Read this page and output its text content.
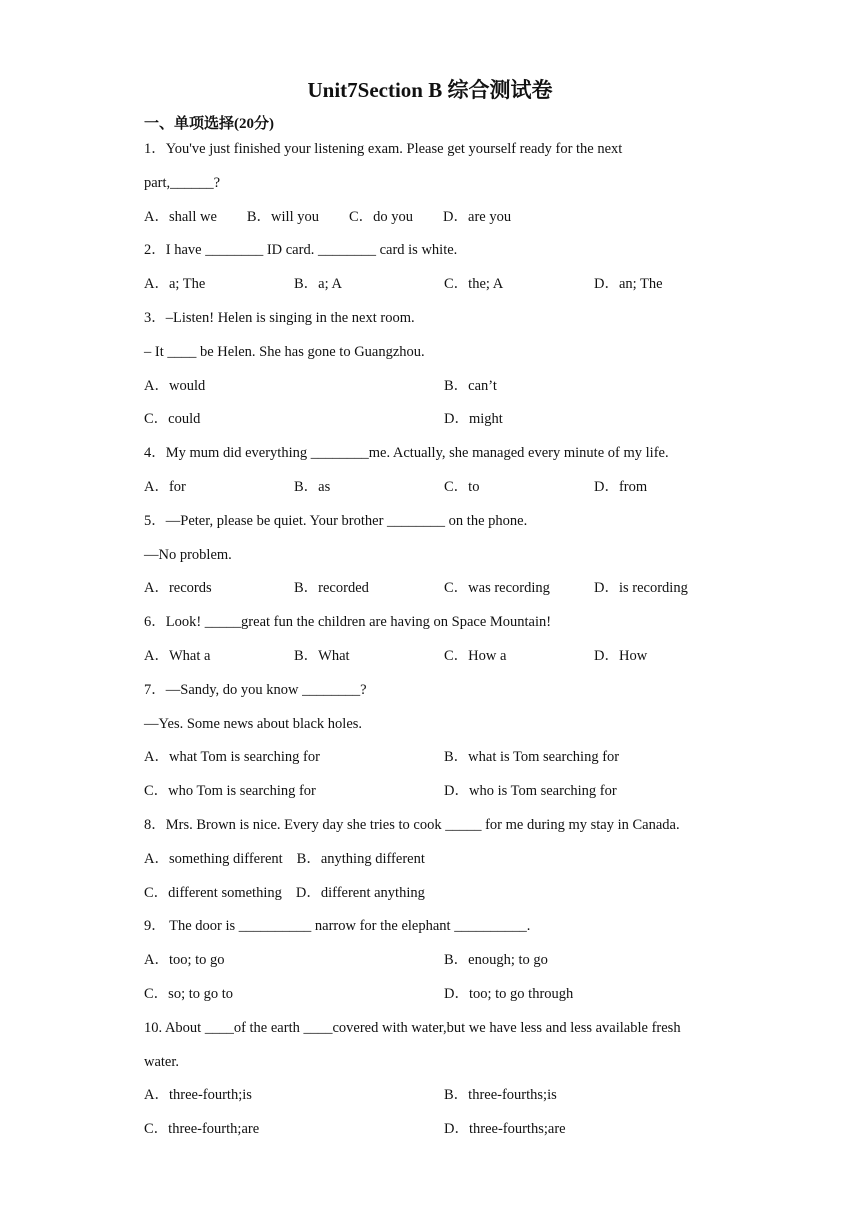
Unit7Section B 综合测试卷
一、单项选择(20分)
1．You've just finished your listening exam. Please get yourself ready for the next
part,______?
A．shall we B．will you C．do you D．are you
2．I have ________ ID card. ________ card is white.
A．a; The	B．a; A	C．the; A	D．an; The
3．–Listen! Helen is singing in the next room.
– It ____ be Helen. She has gone to Guangzhou.
A．would	B．can’t
C．could	D．might
4．My mum did everything ________me. Actually, she managed every minute of my life.
A．for	B．as	C．to	D．from
5．—Peter, please be quiet. Your brother ________ on the phone.
—No problem.
A．records	B．recorded	C．was recording	D．is recording
6．Look! _____great fun the children are having on Space Mountain!
A．What a	B．What	C．How a	D．How
7．—Sandy, do you know ________?
—Yes. Some news about black holes.
A．what Tom is searching for	B．what is Tom searching for
C．who Tom is searching for	D．who is Tom searching for
8．Mrs. Brown is nice. Every day she tries to cook _____ for me during my stay in Canada.
A．something different B．anything different
C．different something D．different anything
9． The door is __________ narrow for the elephant __________.
A．too; to go	B．enough; to go
C．so; to go to	D．too; to go through
10. About ____of the earth ____covered with water,but we have less and less available fresh
water.
A．three-fourth;is	B．three-fourths;is
C．three-fourth;are	D．three-fourths;are
